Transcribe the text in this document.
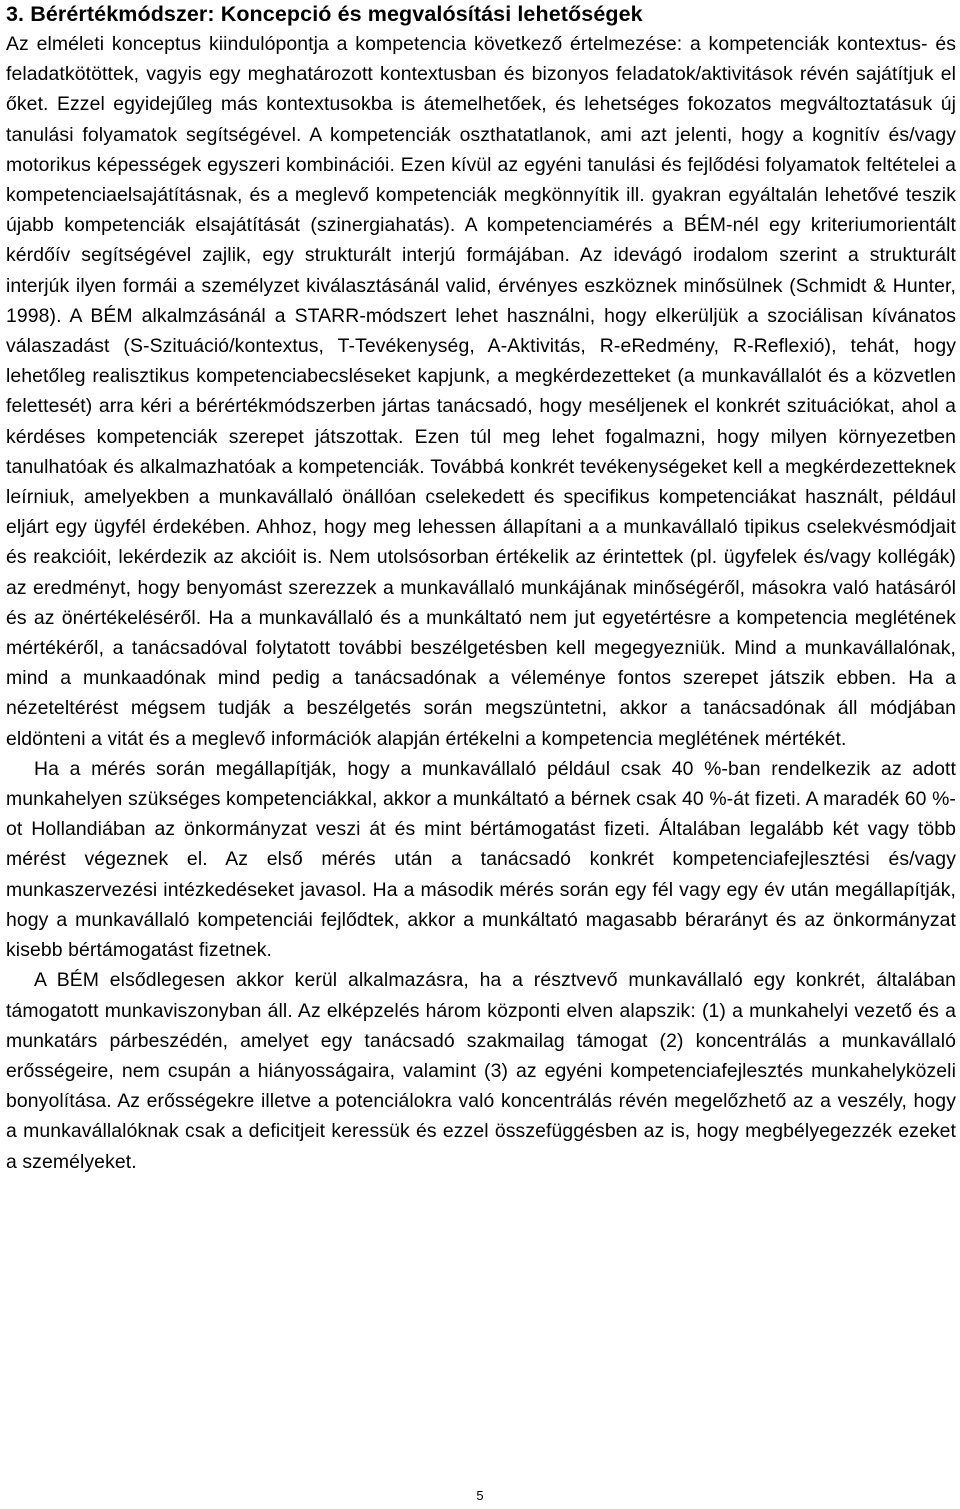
3. Bérértékmódszer: Koncepció és megvalósítási lehetőségek

Az elméleti konceptus kiindulópontja a kompetencia következő értelmezése: a kompetenciák kontextus- és feladatkötöttek, vagyis egy meghatározott kontextusban és bizonyos feladatok/aktivitások révén sajátítjuk el őket. Ezzel egyidejűleg más kontextusokba is átemelhetőek, és lehetséges fokozatos megváltoztatásuk új tanulási folyamatok segítségével. A kompetenciák oszthatatlanok, ami azt jelenti, hogy a kognitív és/vagy motorikus képességek egyszeri kombinációi. Ezen kívül az egyéni tanulási és fejlődési folyamatok feltételei a kompetenciaelsajátításnak, és a meglevő kompetenciák megkönnyítik ill. gyakran egyáltalán lehetővé teszik újabb kompetenciák elsajátítását (szinergiahatás). A kompetenciamérés a BÉM-nél egy kriteriumorientált kérdőív segítségével zajlik, egy strukturált interjú formájában. Az idevágó irodalom szerint a strukturált interjúk ilyen formái a személyzet kiválasztásánál valid, érvényes eszköznek minősülnek (Schmidt & Hunter, 1998). A BÉM alkalmzásánál a STARR-módszert lehet használni, hogy elkerüljük a szociálisan kívánatos válaszadást (S-Szituáció/kontextus, T-Tevékenység, A-Aktivitás, R-eRedmény, R-Reflexió), tehát, hogy lehetőleg realisztikus kompetenciabecsléseket kapjunk, a megkérdezetteket (a munkavállalót és a közvetlen felettesét) arra kéri a bérértékmódszerben jártas tanácsadó, hogy meséljenek el konkrét szituációkat, ahol a kérdéses kompetenciák szerepet játszottak. Ezen túl meg lehet fogalmazni, hogy milyen környezetben tanulhatóak és alkalmazhatóak a kompetenciák. Továbbá konkrét tevékenységeket kell a megkérdezetteknek leírniuk, amelyekben a munkavállaló önállóan cselekedett és specifikus kompetenciákat használt, például eljárt egy ügyfél érdekében. Ahhoz, hogy meg lehessen állapítani a a munkavállaló tipikus cselekvésmódjait és reakcióit, lekérdezik az akcióit is. Nem utolsósorban értékelik az érintettek (pl. ügyfelek és/vagy kollégák) az eredményt, hogy benyomást szerezzek a munkavállaló munkájának minőségéről, másokra való hatásáról és az önértékeléséről. Ha a munkavállaló és a munkáltató nem jut egyetértésre a kompetencia meglétének mértékéről, a tanácsadóval folytatott további beszélgetésben kell megegyezniük. Mind a munkavállalónak, mind a munkaadónak mind pedig a tanácsadónak a véleménye fontos szerepet játszik ebben. Ha a nézeteltérést mégsem tudják a beszélgetés során megszüntetni, akkor a tanácsadónak áll módjában eldönteni a vitát és a meglevő információk alapján értékelni a kompetencia meglétének mértékét.

Ha a mérés során megállapítják, hogy a munkavállaló például csak 40 %-ban rendelkezik az adott munkahelyen szükséges kompetenciákkal, akkor a munkáltató a bérnek csak 40 %-át fizeti. A maradék 60 %-ot Hollandiában az önkormányzat veszi át és mint bértámogatást fizeti. Általában legalább két vagy több mérést végeznek el. Az első mérés után a tanácsadó konkrét kompetenciafejlesztési és/vagy munkaszervezési intézkedéseket javasol. Ha a második mérés során egy fél vagy egy év után megállapítják, hogy a munkavállaló kompetenciái fejlődtek, akkor a munkáltató magasabb bérarányt és az önkormányzat kisebb bértámogatást fizetnek.

A BÉM elsődlegesen akkor kerül alkalmazásra, ha a résztvevő munkavállaló egy konkrét, általában támogatott munkaviszonyban áll. Az elképzelés három központi elven alapszik: (1) a munkahelyi vezető és a munkatárs párbeszédén, amelyet egy tanácsadó szakmailag támogat (2) koncentrálás a munkavállaló erősségeire, nem csupán a hiányosságaira, valamint (3) az egyéni kompetenciafejlesztés munkahelyközeli bonyolítása. Az erősségekre illetve a potenciálokra való koncentrálás révén megelőzhető az a veszély, hogy a munkavállalóknak csak a deficitjeit keressük és ezzel összefüggésben az is, hogy megbélyegezzék ezeket a személyeket.

5
